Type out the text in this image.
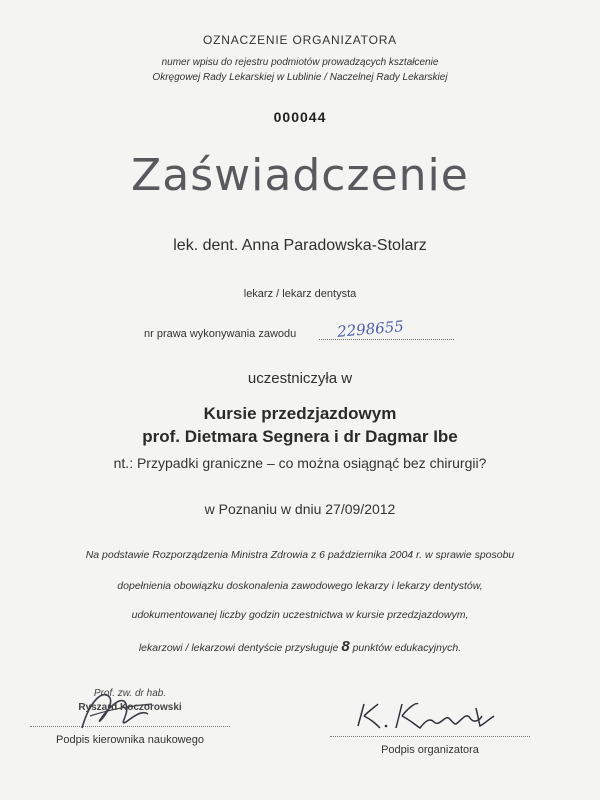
OZNACZENIE ORGANIZATORA
numer wpisu do rejestru podmiotów prowadzących kształcenie
Okręgowej Rady Lekarskiej w Lublinie / Naczelnej Rady Lekarskiej
000044
Zaświadczenie
lek. dent. Anna Paradowska-Stolarz
lekarz / lekarz dentysta
nr prawa wykonywania zawodu	2298655
uczestniczyła w
Kursie przedzjazdowym
prof. Dietmara Segnera i dr Dagmar Ibe
nt.: Przypadki graniczne – co można osiągnąć bez chirurgii?
w Poznaniu w dniu 27/09/2012
Na podstawie Rozporządzenia Ministra Zdrowia z 6 października 2004 r. w sprawie sposobu
dopełnienia obowiązku doskonalenia zawodowego lekarzy i lekarzy dentystów,
udokumentowanej liczby godzin uczestnictwa w kursie przedzjazdowym,
lekarzowi / lekarzowi dentyście przysługuje 8 punktów edukacyjnych.
Prof. zw. dr hab.
Ryszard Koczorowski
Podpis kierownika naukowego
Podpis organizatora
